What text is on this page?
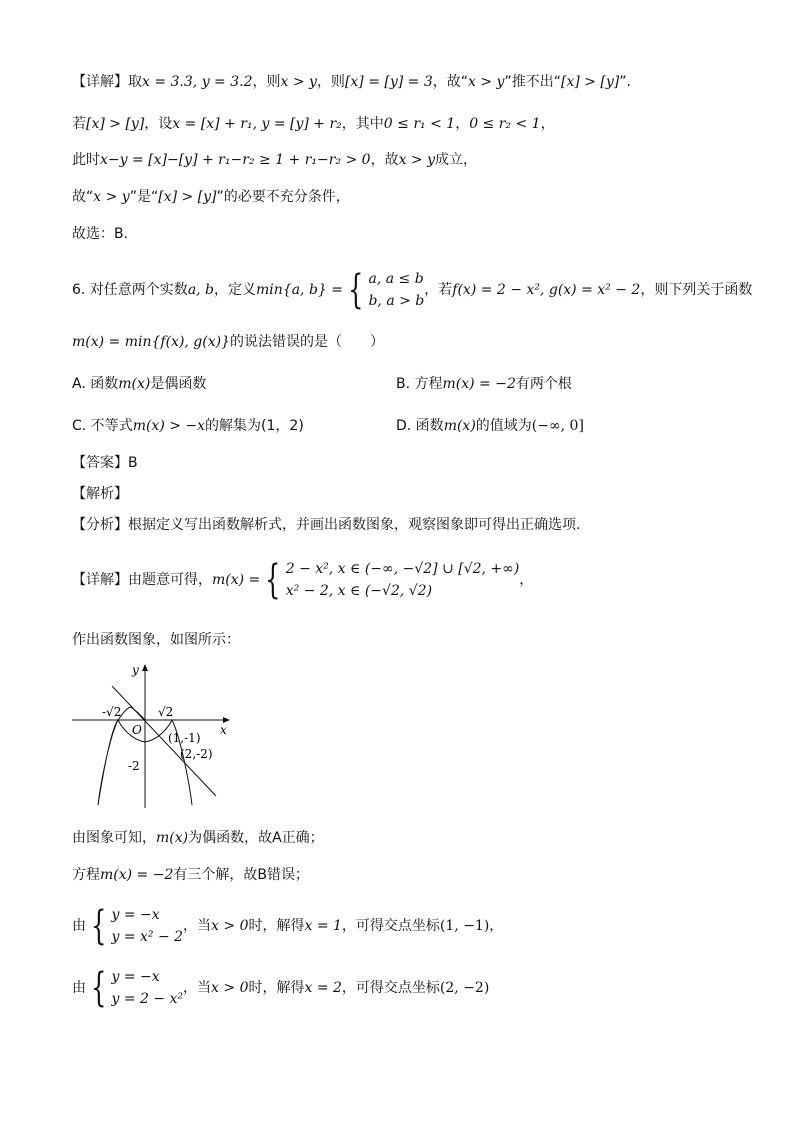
【详解】取x = 3.3, y = 3.2，则x > y，则[x] = [y] = 3，故“x > y”推不出“[x] > [y]”.
若[x] > [y]，设x = [x] + r₁, y = [y] + r₂，其中0 ≤ r₁ < 1，0 ≤ r₂ < 1，
此时x−y = [x]−[y] + r₁−r₂ ≥ 1 + r₁−r₂ > 0，故x > y成立，
故“x > y”是“[x] > [y]”的必要不充分条件，
故选：B.
6. 对任意两个实数a, b，定义min{a, b} = { a, a ≤ b
b, a > b
，若f(x) = 2 − x², g(x) = x² − 2，则下列关于函数
m(x) = min{f(x), g(x)}的说法错误的是（　　）
A. 函数m(x)是偶函数	B. 方程m(x) = −2有两个根
C. 不等式m(x) > −x的解集为(1，2)	D. 函数m(x)的值域为(−∞, 0]
【答案】B
【解析】
【分析】根据定义写出函数解析式，并画出函数图象，观察图象即可得出正确选项.
【详解】由题意可得，m(x) = { 2 − x², x ∈ (−∞, −√2] ∪ [√2, +∞)
x² − 2, x ∈ (−√2, √2)
，
作出函数图象，如图所示：
y
x
O
-√2	√2
-2
(1,-1)
(2,-2)
由图象可知，m(x)为偶函数，故A正确；
方程m(x) = −2有三个解，故B错误；
由 { y = −x
y = x² − 2
，当x > 0时，解得x = 1，可得交点坐标(1, −1)，
由 { y = −x
y = 2 − x²
，当x > 0时，解得x = 2，可得交点坐标(2, −2)
